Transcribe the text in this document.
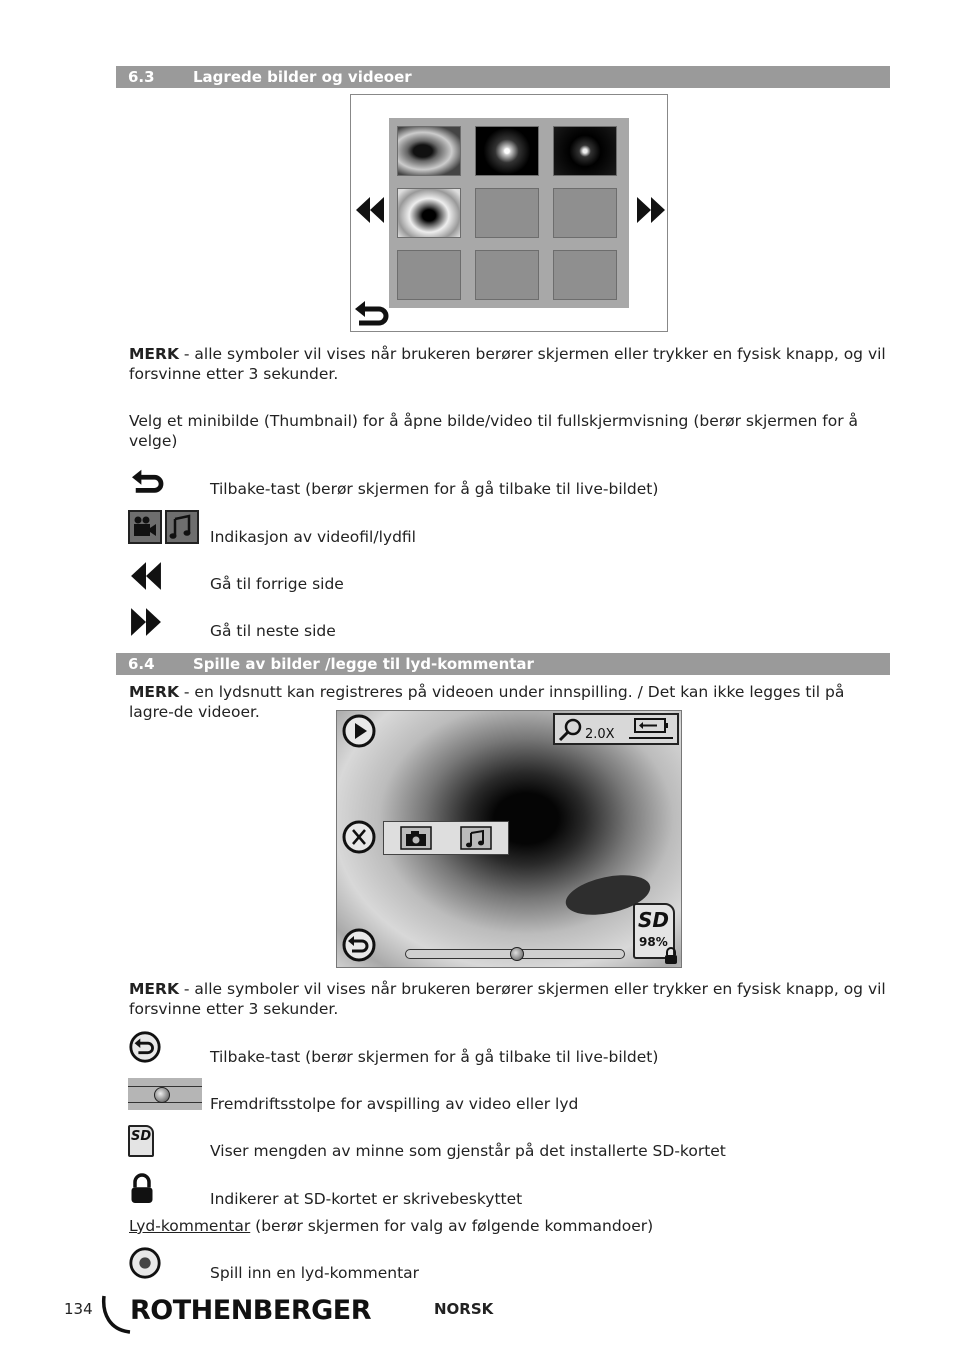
6.3	Lagrede bilder og videoer
MERK - alle symboler vil vises når brukeren berører skjermen eller trykker en fysisk knapp, og vil forsvinne etter 3 sekunder.
Velg et minibilde (Thumbnail) for å åpne bilde/video til fullskjermvisning (berør skjermen for å velge)
Tilbake-tast (berør skjermen for å gå tilbake til live-bildet)
Indikasjon av videofil/lydfil
Gå til forrige side
Gå til neste side
6.4	Spille av bilder /legge til lyd-kommentar
MERK - en lydsnutt kan registreres på videoen under innspilling. / Det kan ikke legges til på lagre-de videoer.
2.0X
SD
98%
MERK - alle symboler vil vises når brukeren berører skjermen eller trykker en fysisk knapp, og vil forsvinne etter 3 sekunder.
Tilbake-tast (berør skjermen for å gå tilbake til live-bildet)
Fremdriftsstolpe for avspilling av video eller lyd
SD
Viser mengden av minne som gjenstår på det installerte SD-kortet
Indikerer at SD-kortet er skrivebeskyttet
Lyd-kommentar (berør skjermen for valg av følgende kommandoer)
Spill inn en lyd-kommentar
134 ROTHENBERGER	NORSK
